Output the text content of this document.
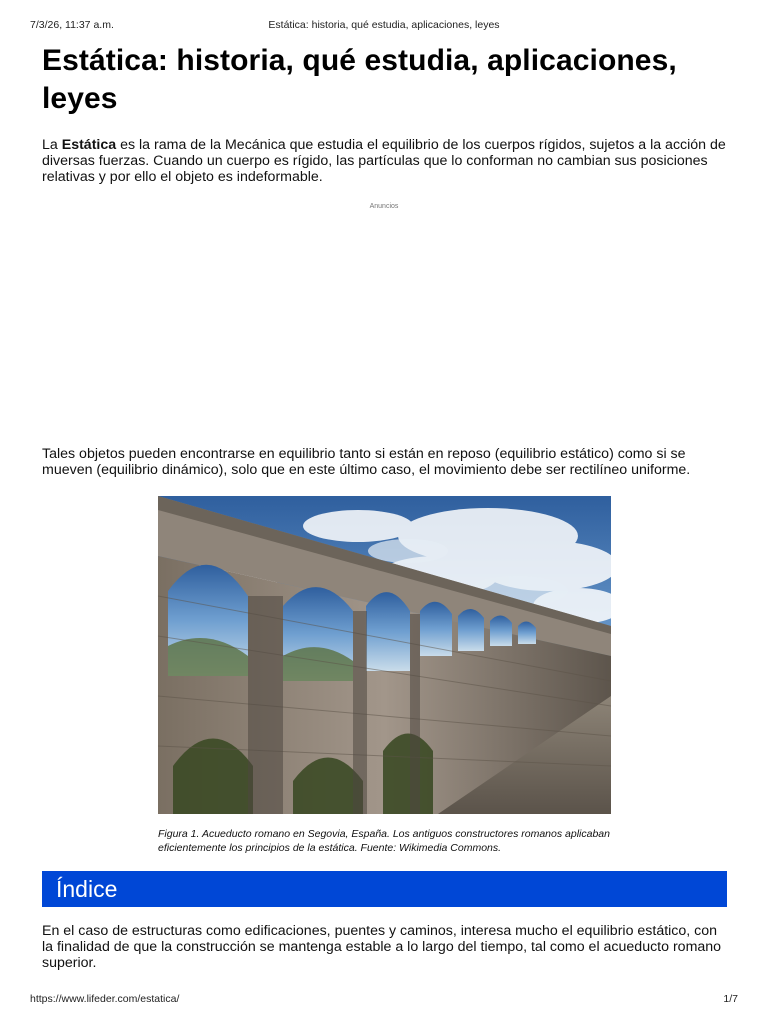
7/3/26, 11:37 a.m.	Estática: historia, qué estudia, aplicaciones, leyes
Estática: historia, qué estudia, aplicaciones, leyes

La Estática es la rama de la Mecánica que estudia el equilibrio de los cuerpos rígidos, sujetos a la acción de diversas fuerzas. Cuando un cuerpo es rígido, las partículas que lo conforman no cambian sus posiciones relativas y por ello el objeto es indeformable.

Anuncios

Tales objetos pueden encontrarse en equilibrio tanto si están en reposo (equilibrio estático) como si se mueven (equilibrio dinámico), solo que en este último caso, el movimiento debe ser rectilíneo uniforme.

Figura 1. Acueducto romano en Segovia, España. Los antiguos constructores romanos aplicaban eficientemente los principios de la estática. Fuente: Wikimedia Commons.
Índice

En el caso de estructuras como edificaciones, puentes y caminos, interesa mucho el equilibrio estático, con la finalidad de que la construcción se mantenga estable a lo largo del tiempo, tal como el acueducto romano superior.

https://www.lifeder.com/estatica/	1/7
